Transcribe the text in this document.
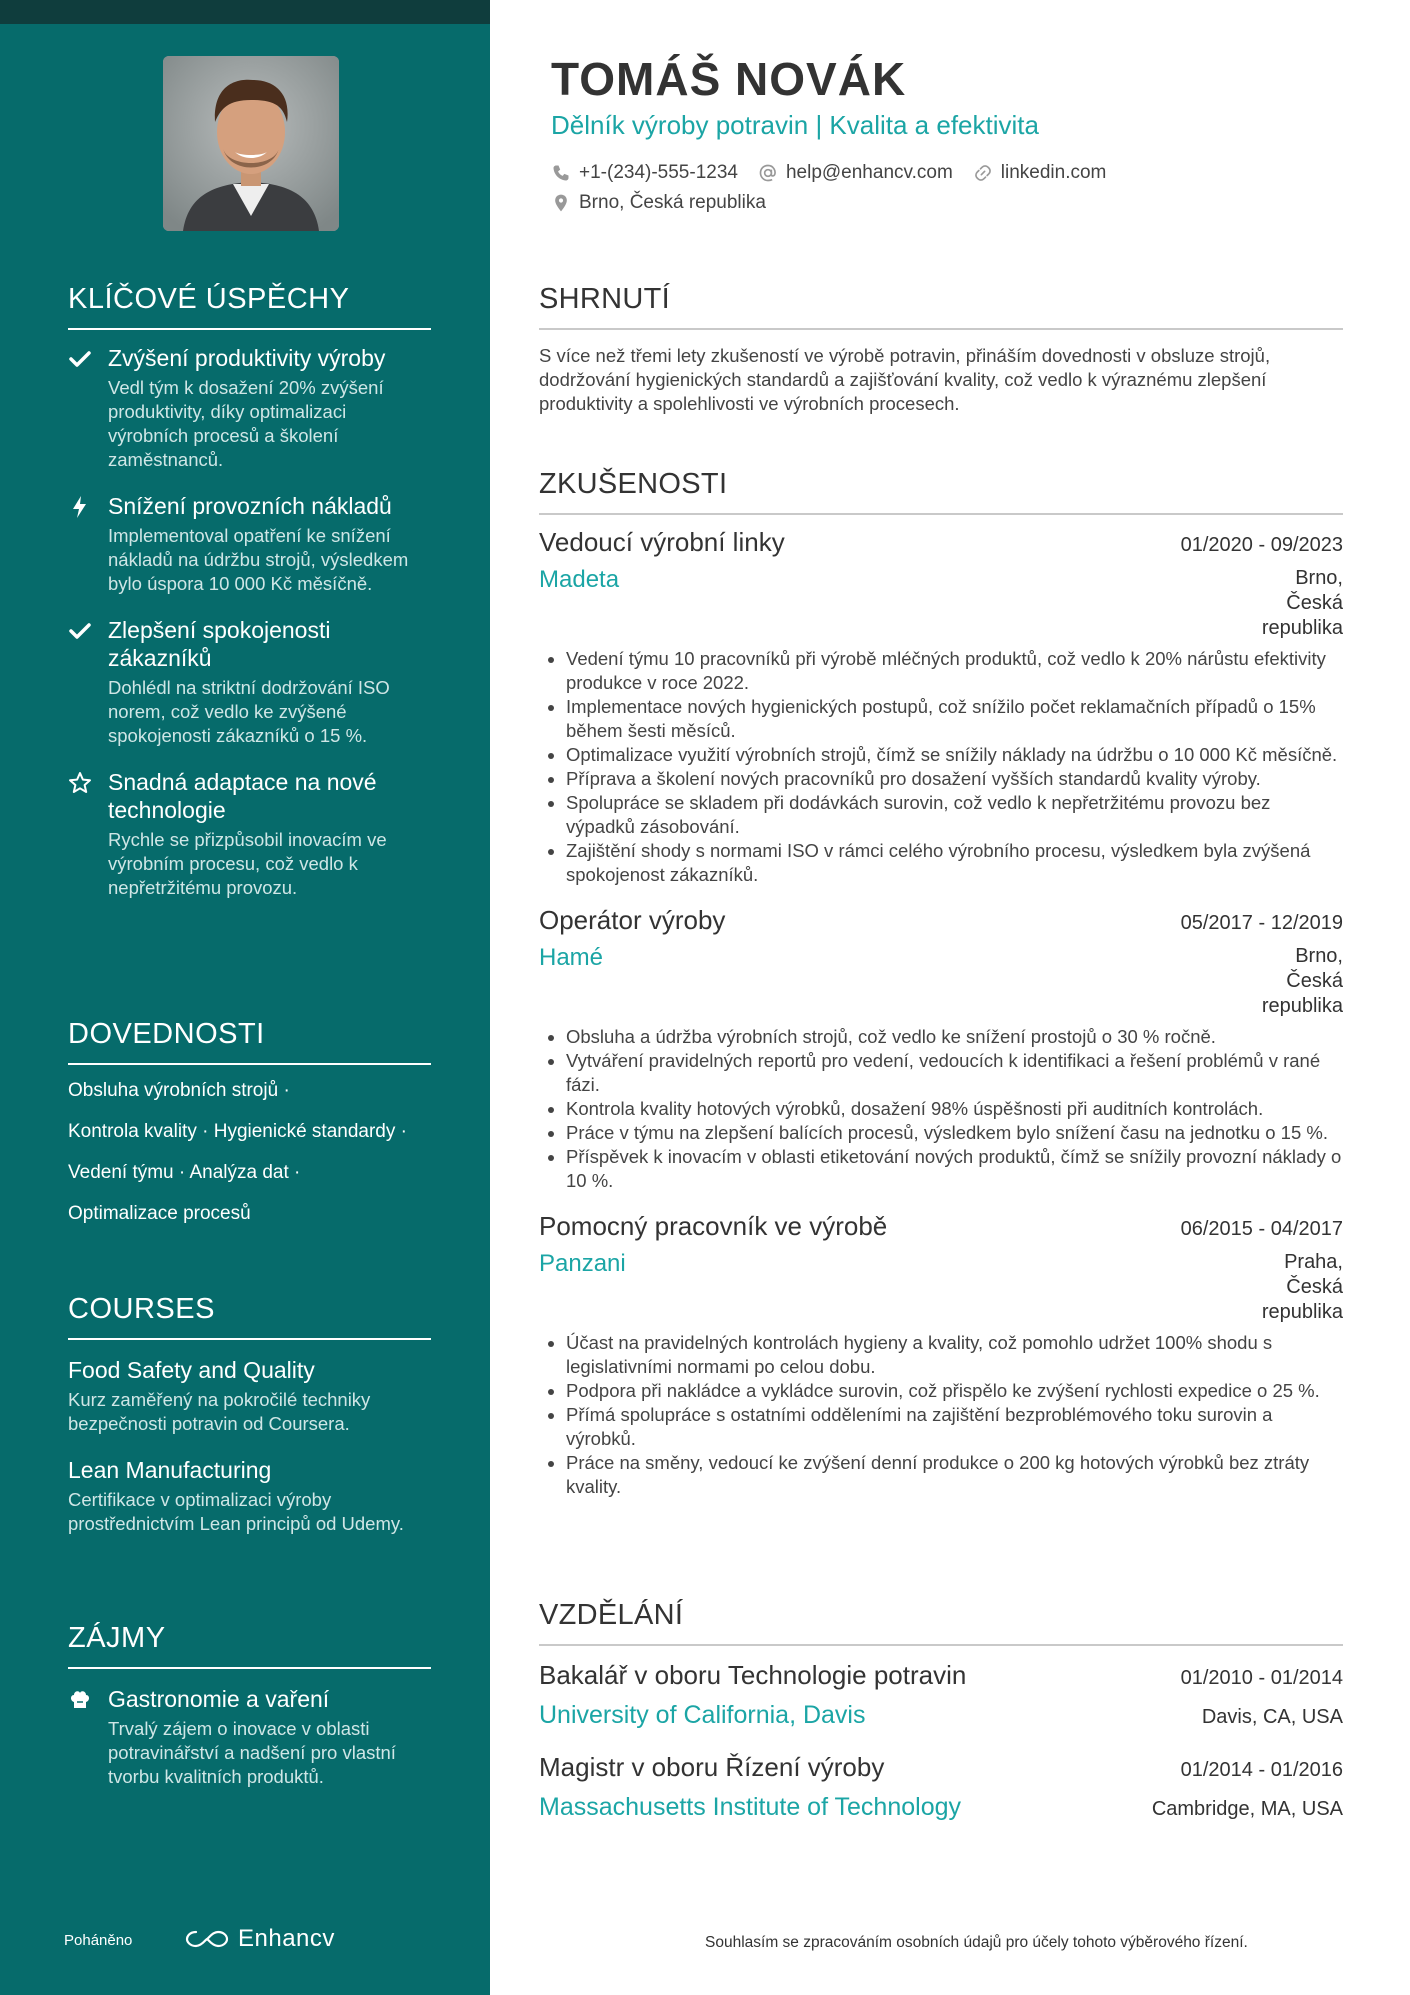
KLÍČOVÉ ÚSPĚCHY
Zvýšení produktivity výroby
Vedl tým k dosažení 20% zvýšení produktivity, díky optimalizaci výrobních procesů a školení zaměstnanců.
Snížení provozních nákladů
Implementoval opatření ke snížení nákladů na údržbu strojů, výsledkem bylo úspora 10 000 Kč měsíčně.
Zlepšení spokojenosti zákazníků
Dohlédl na striktní dodržování ISO norem, což vedlo ke zvýšené spokojenosti zákazníků o 15 %.
Snadná adaptace na nové technologie
Rychle se přizpůsobil inovacím ve výrobním procesu, což vedlo k nepřetržitému provozu.
DOVEDNOSTI
Obsluha výrobních strojů ·
Kontrola kvality · Hygienické standardy ·
Vedení týmu · Analýza dat ·
Optimalizace procesů
COURSES
Food Safety and Quality
Kurz zaměřený na pokročilé techniky bezpečnosti potravin od Coursera.
Lean Manufacturing
Certifikace v optimalizaci výroby prostřednictvím Lean principů od Udemy.
ZÁJMY
Gastronomie a vaření
Trvalý zájem o inovace v oblasti potravinářství a nadšení pro vlastní tvorbu kvalitních produktů.
Poháněno	Enhancv
TOMÁŠ NOVÁK
Dělník výroby potravin | Kvalita a efektivita
+1-(234)-555-1234	help@enhancv.com	linkedin.com
Brno, Česká republika
SHRNUTÍ

S více než třemi lety zkušeností ve výrobě potravin, přináším dovednosti v obsluze strojů, dodržování hygienických standardů a zajišťování kvality, což vedlo k výraznému zlepšení produktivity a spolehlivosti ve výrobních procesech.

ZKUŠENOSTI
Vedoucí výrobní linky	01/2020 - 09/2023
Madeta	Brno, Česká republika
• Vedení týmu 10 pracovníků při výrobě mléčných produktů, což vedlo k 20% nárůstu efektivity produkce v roce 2022.
• Implementace nových hygienických postupů, což snížilo počet reklamačních případů o 15% během šesti měsíců.
• Optimalizace využití výrobních strojů, čímž se snížily náklady na údržbu o 10 000 Kč měsíčně.
• Příprava a školení nových pracovníků pro dosažení vyšších standardů kvality výroby.
• Spolupráce se skladem při dodávkách surovin, což vedlo k nepřetržitému provozu bez výpadků zásobování.
• Zajištění shody s normami ISO v rámci celého výrobního procesu, výsledkem byla zvýšená spokojenost zákazníků.
Operátor výroby	05/2017 - 12/2019
Hamé	Brno, Česká republika
• Obsluha a údržba výrobních strojů, což vedlo ke snížení prostojů o 30 % ročně.
• Vytváření pravidelných reportů pro vedení, vedoucích k identifikaci a řešení problémů v rané fázi.
• Kontrola kvality hotových výrobků, dosažení 98% úspěšnosti při auditních kontrolách.
• Práce v týmu na zlepšení balících procesů, výsledkem bylo snížení času na jednotku o 15 %.
• Příspěvek k inovacím v oblasti etiketování nových produktů, čímž se snížily provozní náklady o 10 %.
Pomocný pracovník ve výrobě	06/2015 - 04/2017
Panzani	Praha, Česká republika
• Účast na pravidelných kontrolách hygieny a kvality, což pomohlo udržet 100% shodu s legislativními normami po celou dobu.
• Podpora při nakládce a vykládce surovin, což přispělo ke zvýšení rychlosti expedice o 25 %.
• Přímá spolupráce s ostatními odděleními na zajištění bezproblémového toku surovin a výrobků.
• Práce na směny, vedoucí ke zvýšení denní produkce o 200 kg hotových výrobků bez ztráty kvality.
VZDĚLÁNÍ
Bakalář v oboru Technologie potravin	01/2010 - 01/2014
University of California, Davis	Davis, CA, USA
Magistr v oboru Řízení výroby	01/2014 - 01/2016
Massachusetts Institute of Technology	Cambridge, MA, USA
Souhlasím se zpracováním osobních údajů pro účely tohoto výběrového řízení.
